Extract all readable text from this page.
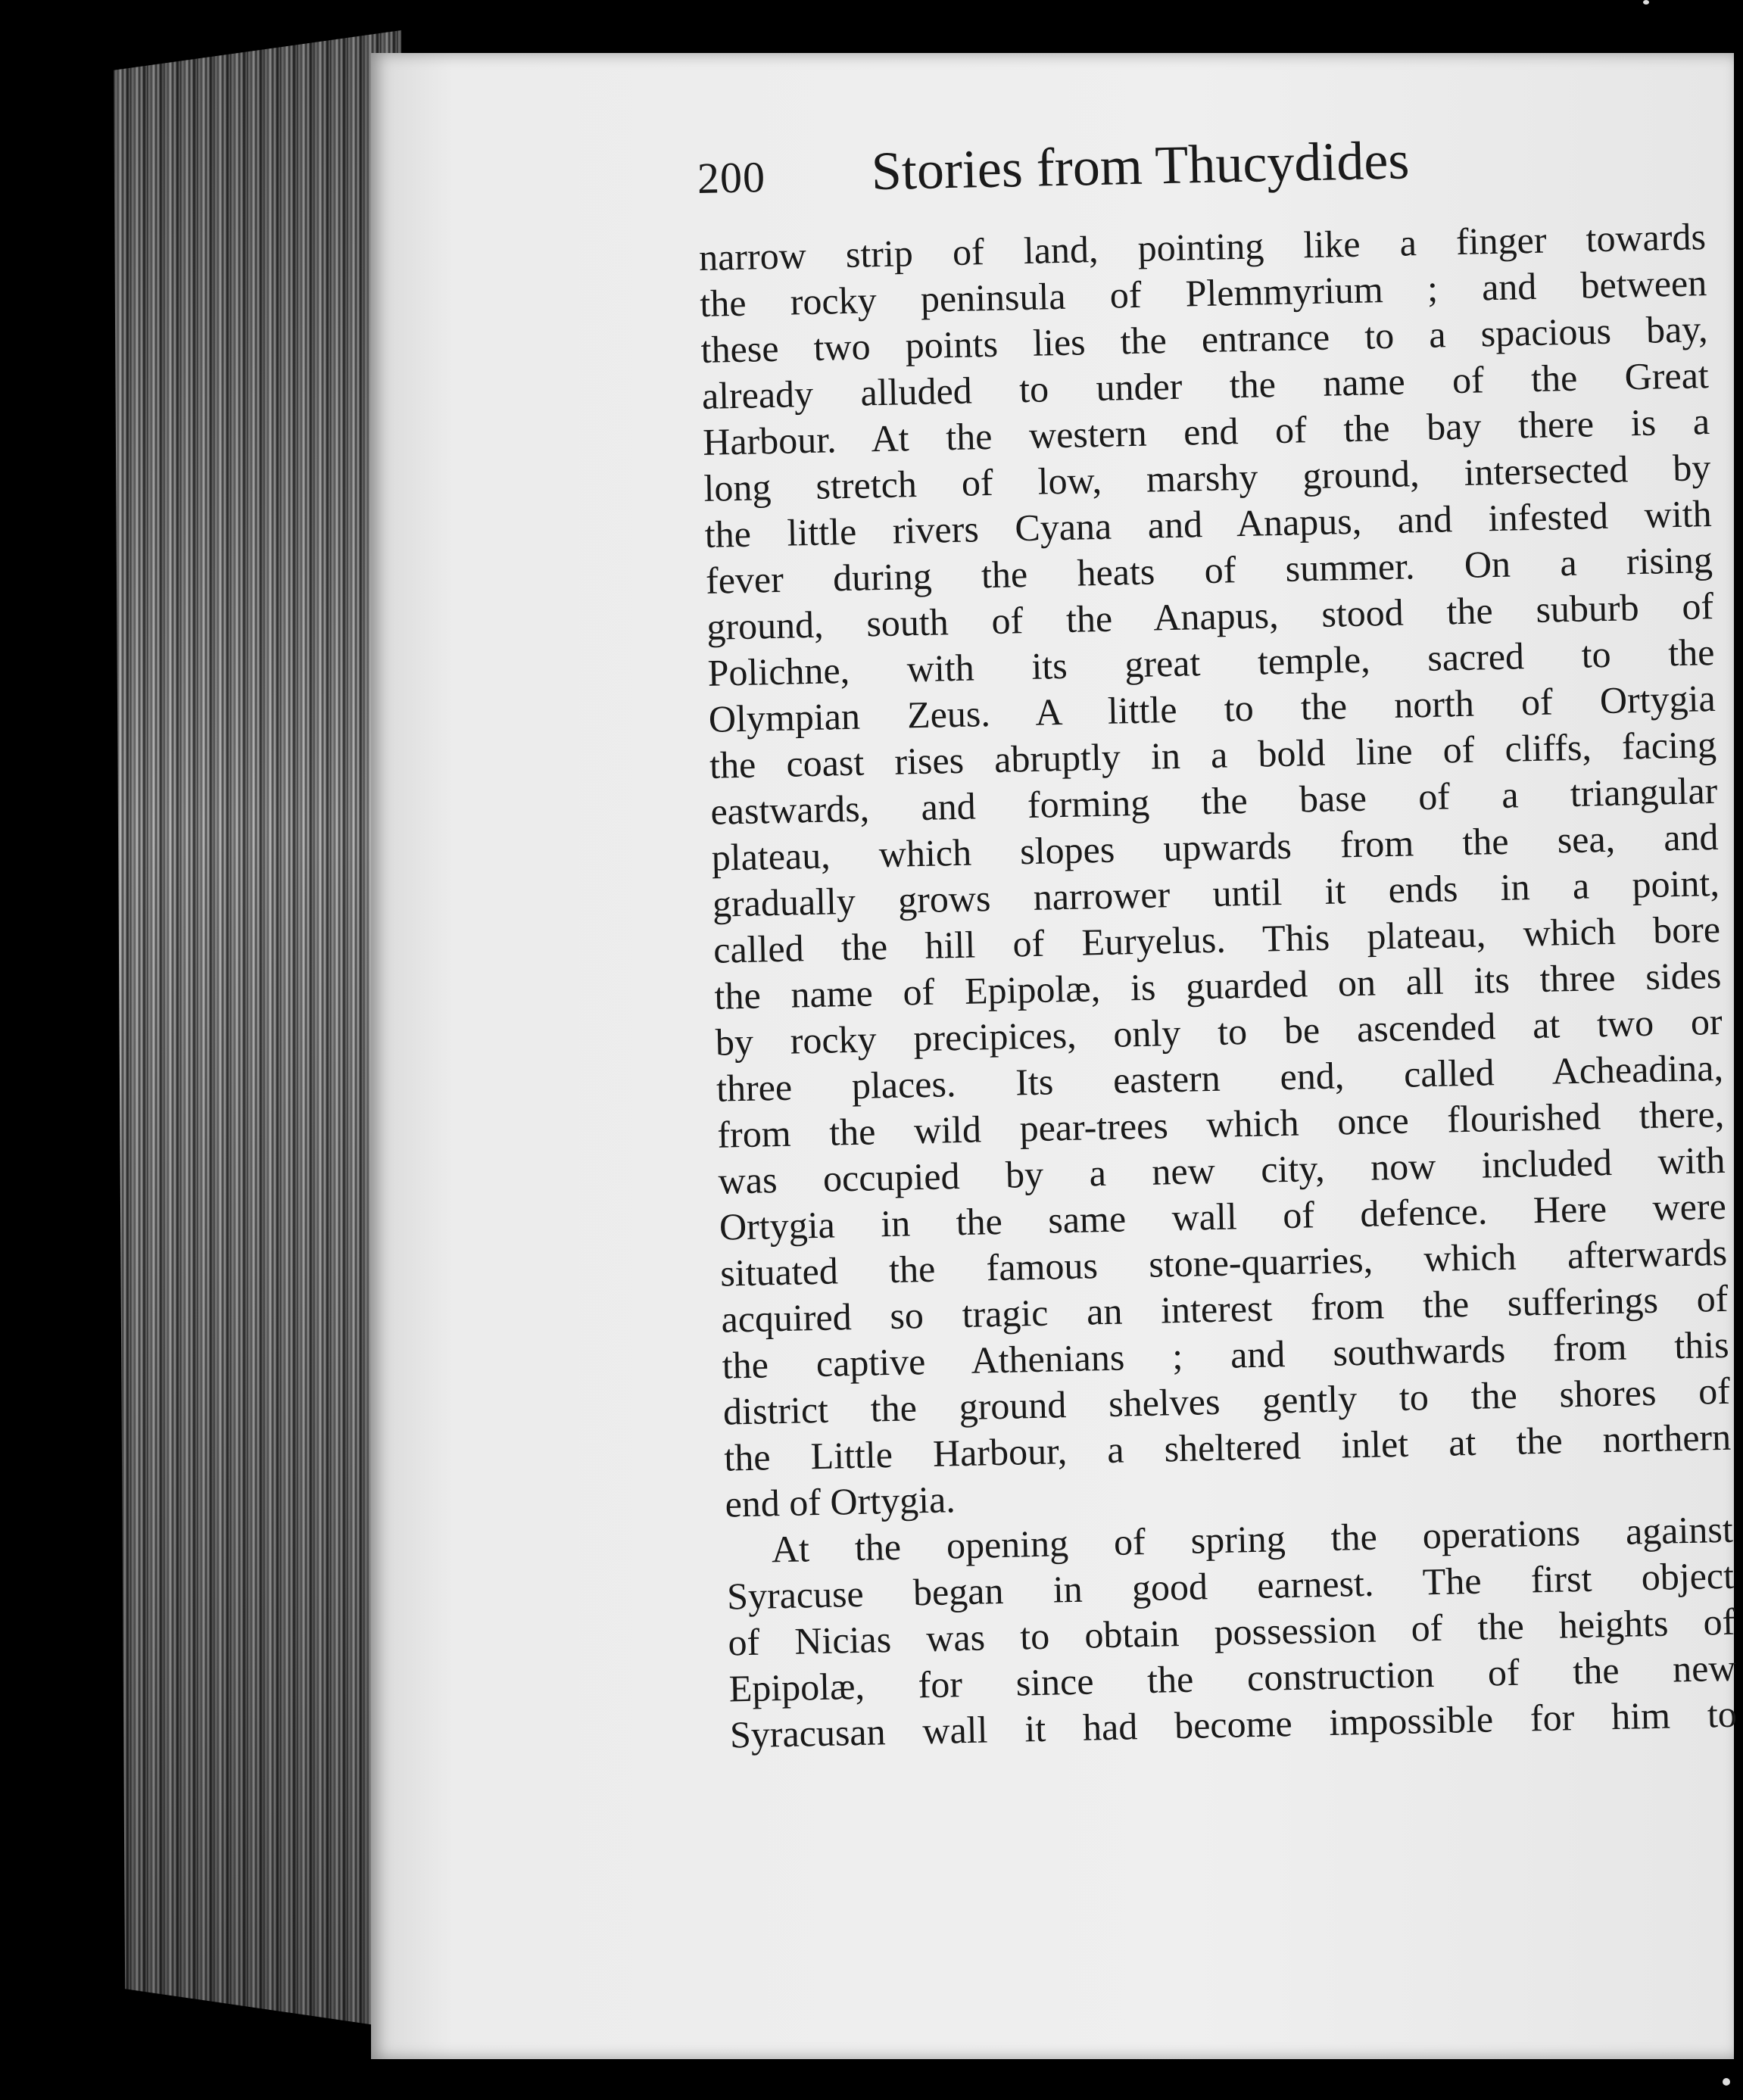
200	Stories from Thucydides
narrow strip of land, pointing like a finger towards
the rocky peninsula of Plemmyrium ; and between
these two points lies the entrance to a spacious bay,
already alluded to under the name of the Great
Harbour. At the western end of the bay there is a
long stretch of low, marshy ground, intersected by
the little rivers Cyana and Anapus, and infested with
fever during the heats of summer. On a rising
ground, south of the Anapus, stood the suburb of
Polichne, with its great temple, sacred to the
Olympian Zeus. A little to the north of Ortygia
the coast rises abruptly in a bold line of cliffs, facing
eastwards, and forming the base of a triangular
plateau, which slopes upwards from the sea, and
gradually grows narrower until it ends in a point,
called the hill of Euryelus. This plateau, which bore
the name of Epipolæ, is guarded on all its three sides
by rocky precipices, only to be ascended at two or
three places. Its eastern end, called Acheadina,
from the wild pear-trees which once flourished there,
was occupied by a new city, now included with
Ortygia in the same wall of defence. Here were
situated the famous stone-quarries, which afterwards
acquired so tragic an interest from the sufferings of
the captive Athenians ; and southwards from this
district the ground shelves gently to the shores of
the Little Harbour, a sheltered inlet at the northern
end of Ortygia.
At the opening of spring the operations against
Syracuse began in good earnest. The first object
of Nicias was to obtain possession of the heights of
Epipolæ, for since the construction of the new
Syracusan wall it had become impossible for him to
